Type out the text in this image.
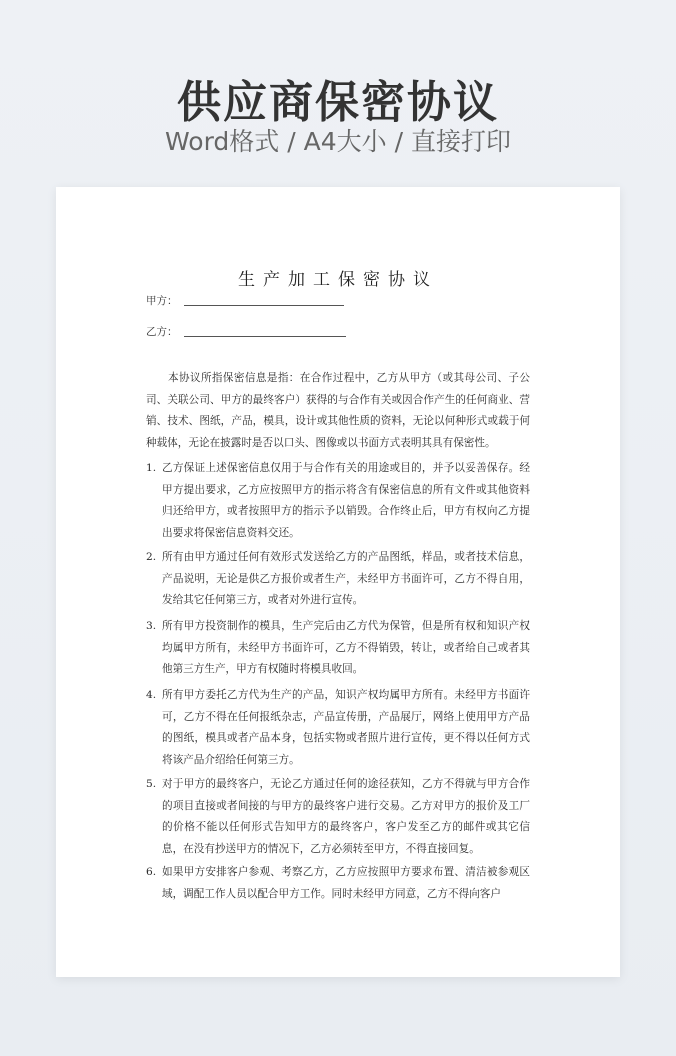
供应商保密协议
Word格式 / A4大小 / 直接打印
生产加工保密协议
甲方：
乙方：
本协议所指保密信息是指：在合作过程中，乙方从甲方（或其母公司、子公司、关联公司、甲方的最终客户）获得的与合作有关或因合作产生的任何商业、营销、技术、图纸，产品，模具，设计或其他性质的资料，无论以何种形式或载于何种载体，无论在披露时是否以口头、图像或以书面方式表明其具有保密性。
1. 乙方保证上述保密信息仅用于与合作有关的用途或目的，并予以妥善保存。经甲方提出要求，乙方应按照甲方的指示将含有保密信息的所有文件或其他资料归还给甲方，或者按照甲方的指示予以销毁。合作终止后，甲方有权向乙方提出要求将保密信息资料交还。
2. 所有由甲方通过任何有效形式发送给乙方的产品图纸，样品，或者技术信息，产品说明，无论是供乙方报价或者生产，未经甲方书面许可，乙方不得自用，发给其它任何第三方，或者对外进行宣传。
3. 所有甲方投资制作的模具，生产完后由乙方代为保管，但是所有权和知识产权均属甲方所有，未经甲方书面许可，乙方不得销毁，转让，或者给自己或者其他第三方生产，甲方有权随时将模具收回。
4. 所有甲方委托乙方代为生产的产品，知识产权均属甲方所有。未经甲方书面许可，乙方不得在任何报纸杂志，产品宣传册，产品展厅，网络上使用甲方产品的图纸，模具或者产品本身，包括实物或者照片进行宣传，更不得以任何方式将该产品介绍给任何第三方。
5. 对于甲方的最终客户，无论乙方通过任何的途径获知，乙方不得就与甲方合作的项目直接或者间接的与甲方的最终客户进行交易。乙方对甲方的报价及工厂的价格不能以任何形式告知甲方的最终客户，客户发至乙方的邮件或其它信息，在没有抄送甲方的情况下，乙方必须转至甲方，不得直接回复。
6. 如果甲方安排客户参观、考察乙方，乙方应按照甲方要求布置、清洁被参观区域，调配工作人员以配合甲方工作。同时未经甲方同意，乙方不得向客户
